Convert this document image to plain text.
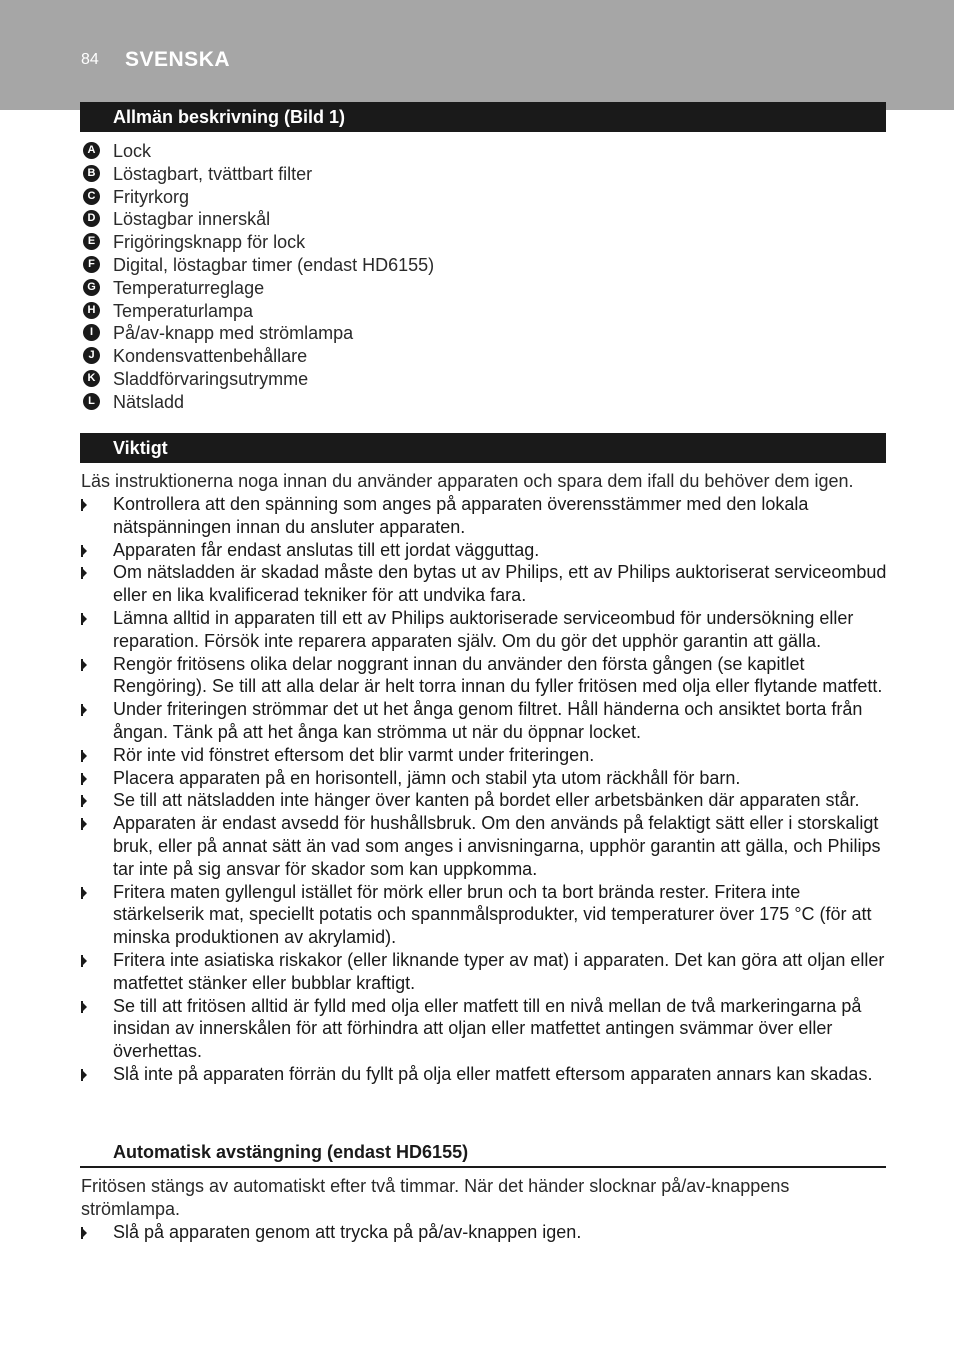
84 SVENSKA
Allmän beskrivning (Bild 1)
A Lock
B Löstagbart, tvättbart filter
C Frityrkorg
D Löstagbar innerskål
E Frigöringsknapp för lock
F Digital, löstagbar timer (endast HD6155)
G Temperaturreglage
H Temperaturlampa
I	På/av-knapp med strömlampa
J	Kondensvattenbehållare
K Sladdförvaringsutrymme
L Nätsladd
Viktigt
Läs instruktionerna noga innan du använder apparaten och spara dem ifall du behöver dem igen.
Kontrollera att den spänning som anges på apparaten överensstämmer med den lokala nätspänningen innan du ansluter apparaten.
Apparaten får endast anslutas till ett jordat vägguttag.
Om nätsladden är skadad måste den bytas ut av Philips, ett av Philips auktoriserat serviceombud eller en lika kvalificerad tekniker för att undvika fara.
Lämna alltid in apparaten till ett av Philips auktoriserade serviceombud för undersökning eller reparation. Försök inte reparera apparaten själv. Om du gör det upphör garantin att gälla.
Rengör fritösens olika delar noggrant innan du använder den första gången (se kapitlet Rengöring). Se till att alla delar är helt torra innan du fyller fritösen med olja eller flytande matfett.
Under friteringen strömmar det ut het ånga genom filtret. Håll händerna och ansiktet borta från ångan. Tänk på att het ånga kan strömma ut när du öppnar locket.
Rör inte vid fönstret eftersom det blir varmt under friteringen.
Placera apparaten på en horisontell, jämn och stabil yta utom räckhåll för barn.
Se till att nätsladden inte hänger över kanten på bordet eller arbetsbänken där apparaten står.
Apparaten är endast avsedd för hushållsbruk. Om den används på felaktigt sätt eller i storskaligt bruk, eller på annat sätt än vad som anges i anvisningarna, upphör garantin att gälla, och Philips tar inte på sig ansvar för skador som kan uppkomma.
Fritera maten gyllengul istället för mörk eller brun och ta bort brända rester. Fritera inte stärkelserik mat, speciellt potatis och spannmålsprodukter, vid temperaturer över 175 °C (för att minska produktionen av akrylamid).
Fritera inte asiatiska riskakor (eller liknande typer av mat) i apparaten. Det kan göra att oljan eller matfettet stänker eller bubblar kraftigt.
Se till att fritösen alltid är fylld med olja eller matfett till en nivå mellan de två markeringarna på insidan av innerskålen för att förhindra att oljan eller matfettet antingen svämmar över eller överhettas.
Slå inte på apparaten förrän du fyllt på olja eller matfett eftersom apparaten annars kan skadas.
Automatisk avstängning (endast HD6155)
Fritösen stängs av automatiskt efter två timmar. När det händer slocknar på/av-knappens strömlampa.
Slå på apparaten genom att trycka på på/av-knappen igen.
